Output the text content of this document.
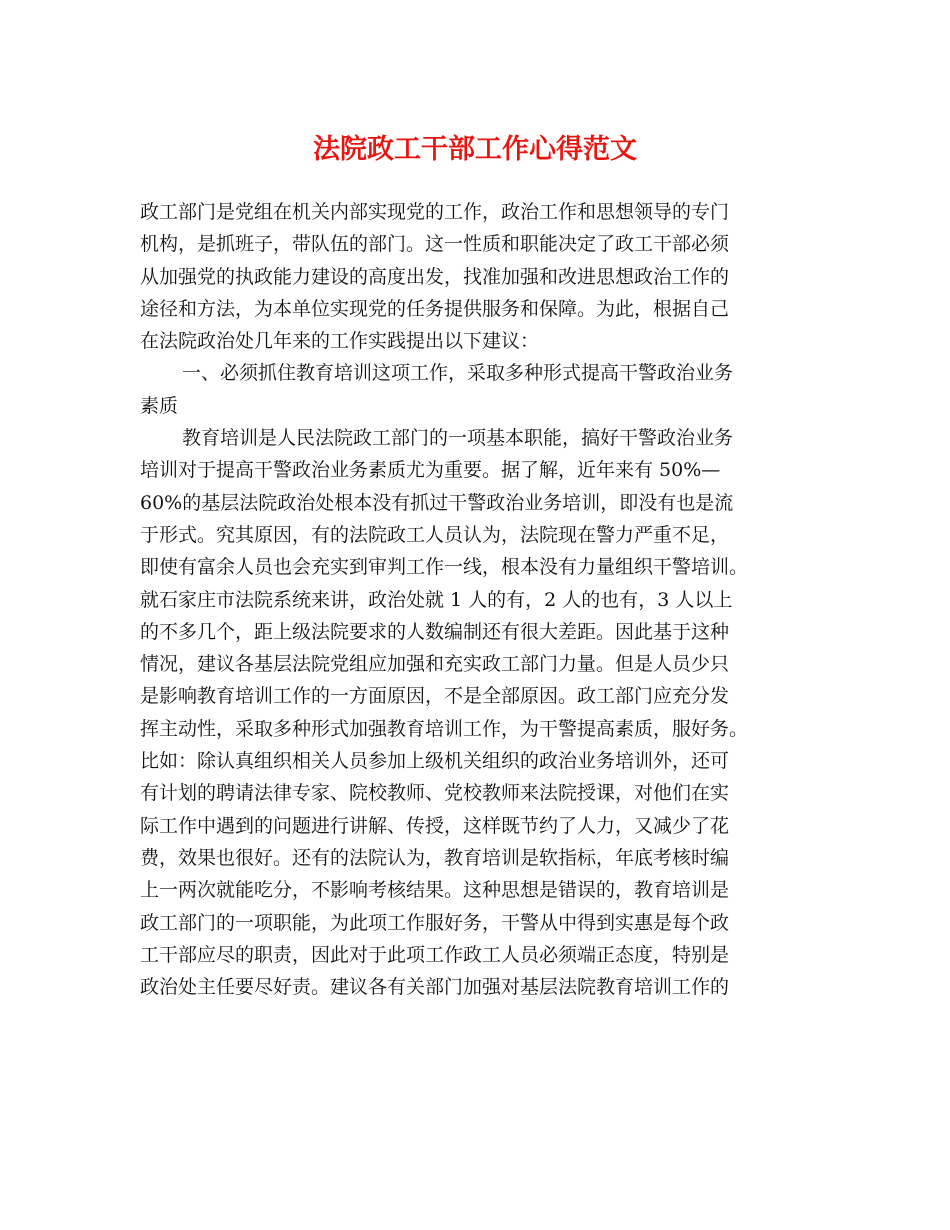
法院政工干部工作心得范文
政工部门是党组在机关内部实现党的工作，政治工作和思想领导的专门
机构，是抓班子，带队伍的部门。这一性质和职能决定了政工干部必须
从加强党的执政能力建设的高度出发，找准加强和改进思想政治工作的
途径和方法，为本单位实现党的任务提供服务和保障。为此，根据自己
在法院政治处几年来的工作实践提出以下建议：
一、必须抓住教育培训这项工作，采取多种形式提高干警政治业务
素质
教育培训是人民法院政工部门的一项基本职能，搞好干警政治业务
培训对于提高干警政治业务素质尤为重要。据了解，近年来有 50%—
60%的基层法院政治处根本没有抓过干警政治业务培训，即没有也是流
于形式。究其原因，有的法院政工人员认为，法院现在警力严重不足，
即使有富余人员也会充实到审判工作一线，根本没有力量组织干警培训。
就石家庄市法院系统来讲，政治处就 1 人的有，2 人的也有，3 人以上
的不多几个，距上级法院要求的人数编制还有很大差距。因此基于这种
情况，建议各基层法院党组应加强和充实政工部门力量。但是人员少只
是影响教育培训工作的一方面原因，不是全部原因。政工部门应充分发
挥主动性，采取多种形式加强教育培训工作，为干警提高素质，服好务。
比如：除认真组织相关人员参加上级机关组织的政治业务培训外，还可
有计划的聘请法律专家、院校教师、党校教师来法院授课，对他们在实
际工作中遇到的问题进行讲解、传授，这样既节约了人力，又减少了花
费，效果也很好。还有的法院认为，教育培训是软指标，年底考核时编
上一两次就能吃分，不影响考核结果。这种思想是错误的，教育培训是
政工部门的一项职能，为此项工作服好务，干警从中得到实惠是每个政
工干部应尽的职责，因此对于此项工作政工人员必须端正态度，特别是
政治处主任要尽好责。建议各有关部门加强对基层法院教育培训工作的
